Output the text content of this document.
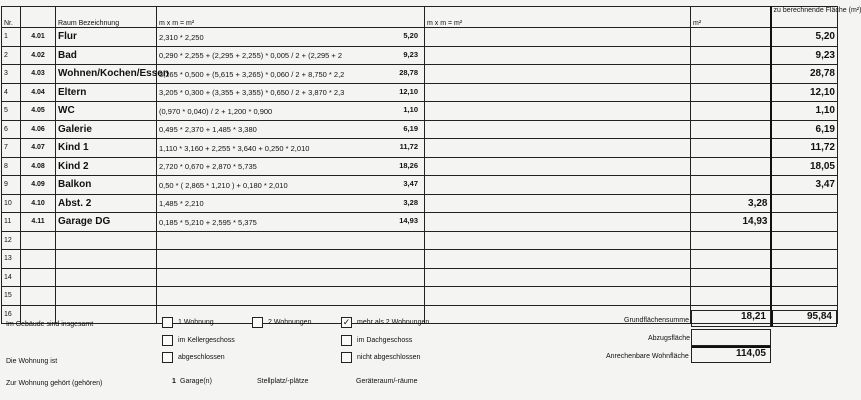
Nr.		Raum Bezeichnung	m x m = m²	m x m = m²	m²	zu berechnende Fläche (m²)
1	4.01	Flur	2,310 * 2,250 5,20			5,20
2	4.02	Bad	0,290 * 2,255 + (2,295 + 2,255) * 0,005 / 2 + (2,295 + 2 9,23			9,23
3	4.03	Wohnen/Kochen/Essen	3,265 * 0,500 + (5,615 + 3,265) * 0,060 / 2 + 8,750 * 2,2 28,78			28,78
4	4.04	Eltern	3,205 * 0,300 + (3,355 + 3,355) * 0,650 / 2 + 3,870 * 2,3 12,10			12,10
5	4.05	WC	(0,970 * 0,040) / 2 + 1,200 * 0,900 1,10			1,10
6	4.06	Galerie	0,495 * 2,370 + 1,485 * 3,380 6,19			6,19
7	4.07	Kind 1	1,110 * 3,160 + 2,255 * 3,640 + 0,250 * 2,010 11,72			11,72
8	4.08	Kind 2	2,720 * 0,670 + 2,870 * 5,735 18,26			18,05
9	4.09	Balkon	0,50 * ( 2,865 * 1,210 ) + 0,180 * 2,010 3,47			3,47
10	4.10	Abst. 2	1,485 * 2,210 3,28		3,28	
11	4.11	Garage DG	0,185 * 5,210 + 2,595 * 5,375 14,93		14,93	
12			

13			

14			

15			

16			

Im Gebäude sind insgesamt	1 Wohnung	2 Wohnungen	✓ mehr als 2 Wohnungen
im Kellergeschoss	im Dachgeschoss
Die Wohnung ist
abgeschlossen	nicht abgeschlossen
Zur Wohnung gehört (gehören)	1 Garage(n)	Stellplatz/-plätze	Geräteraum/-räume
Grundflächensumme	18,21	95,84
Abzugsfläche
Anrechenbare Wohnfläche	114,05
